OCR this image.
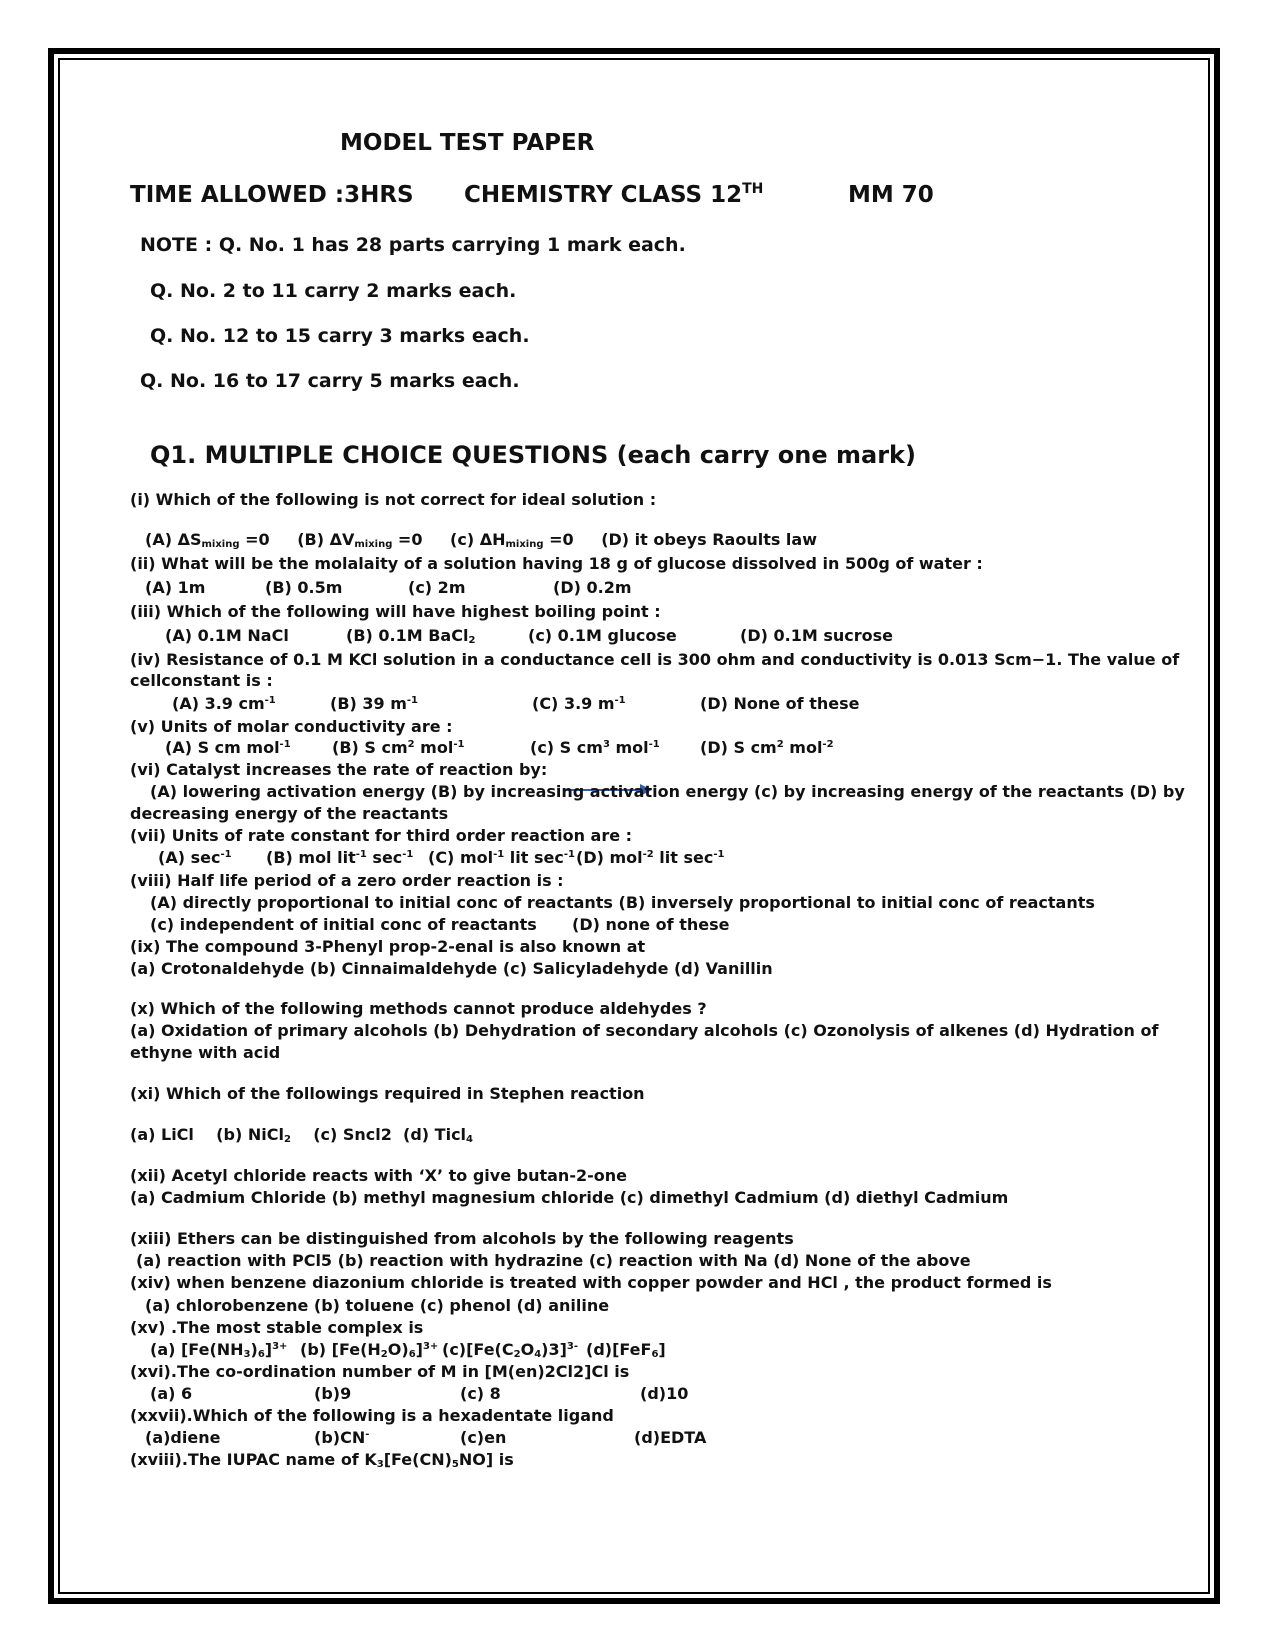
MODEL TEST PAPER
TIME ALLOWED :3HRS CHEMISTRY CLASS 12TH	MM 70
NOTE : Q. No. 1 has 28 parts carrying 1 mark each.
Q. No. 2 to 11 carry 2 marks each.
Q. No. 12 to 15 carry 3 marks each.
Q. No. 16 to 17 carry 5 marks each.
Q1. MULTIPLE CHOICE QUESTIONS (each carry one mark)
(i) Which of the following is not correct for ideal solution :
(A) $\Delta S_{mixing} =0$ (B) $\Delta V_{mixing} =0$ (c) $\Delta H_{mixing} =0$ (D) it obeys Raoults law
(ii) What will be the molalaity of a solution having 18 g of glucose dissolved in 500g of water :
(A) 1m	(B) 0.5m	(c) 2m	(D) 0.2m
(iii) Which of the following will have highest boiling point :
(A) 0.1M NaCl	(B) 0.1M BaCl$_2$	(c) 0.1M glucose	(D) 0.1M sucrose
(iv) Resistance of 0.1 M KCl solution in a conductance cell is 300 ohm and conductivity is 0.013 Scm−1. The value of
cellconstant is :
(A) 3.9 $cm^{-1}$	(B) 39 $m^{-1}$	(C) 3.9 $m^{-1}$	(D) None of these
(v) Units of molar conductivity are :
(A) S cm mol$^{-1}$	(B) S $cm^2$ mol$^{-1}$	(c) S $cm^3$ mol$^{-1}$	(D) S $cm^2$ mol$^{-2}$
(vi) Catalyst increases the rate of reaction by:
(A) lowering activation energy (B) by increasing activation energy (c) by increasing energy of the reactants (D) by
decreasing energy of the reactants
(vii) Units of rate constant for third order reaction are :
(A) $\sec^{-1} (B)$ mol lit$^{-1}$ $\sec^{-1} (C)$ mol$^{-1}$ lit $\sec^{-1} (D)$ mol$^{-2}$ lit $\sec^{-1}$
(viii) Half life period of a zero order reaction is :
(A) directly proportional to initial conc of reactants (B) inversely proportional to initial conc of reactants
(c) independent of initial conc of reactants (D) none of these
(ix) The compound 3-Phenyl prop-2-enal is also known at
(a) Crotonaldehyde (b) Cinnaimaldehyde (c) Salicyladehyde (d) Vanillin
(x) Which of the following methods cannot produce aldehydes ?
(a) Oxidation of primary alcohols (b) Dehydration of secondary alcohols (c) Ozonolysis of alkenes (d) Hydration of
ethyne with acid
(xi) Which of the followings required in Stephen reaction
(a) LiCl    (b) NiCl$_2$    (c) Sncl2  (d) Ticl$_4$
(xii) Acetyl chloride reacts with ‘X’ to give butan-2-one
(a) Cadmium Chloride (b) methyl magnesium chloride (c) dimethyl Cadmium (d) diethyl Cadmium
(xiii) Ethers can be distinguished from alcohols by the following reagents
(a) reaction with PCl5 (b) reaction with hydrazine (c) reaction with Na (d) None of the above
(xiv) when benzene diazonium chloride is treated with copper powder and HCl , the product formed is
(a) chlorobenzene (b) toluene (c) phenol (d) aniline
(xv) .The most stable complex is
(a) $[Fe(NH_3)_6]^{3+}$ (b) $[Fe(H_2O)_6]^{3+}$ $(c)[Fe(C_2O_4)3]^{3-}$ (d)[FeF$_6$]
(xvi).The co-ordination number of M in [M(en)2Cl2]Cl is
(a) 6	(b)9	(c) 8	(d)10
(xxvii).Which of the following is a hexadentate ligand
(a)diene	(b)CN-	(c)en	(d)EDTA
(xviii).The IUPAC name of $K_3[Fe(CN)_5NO]$ is
